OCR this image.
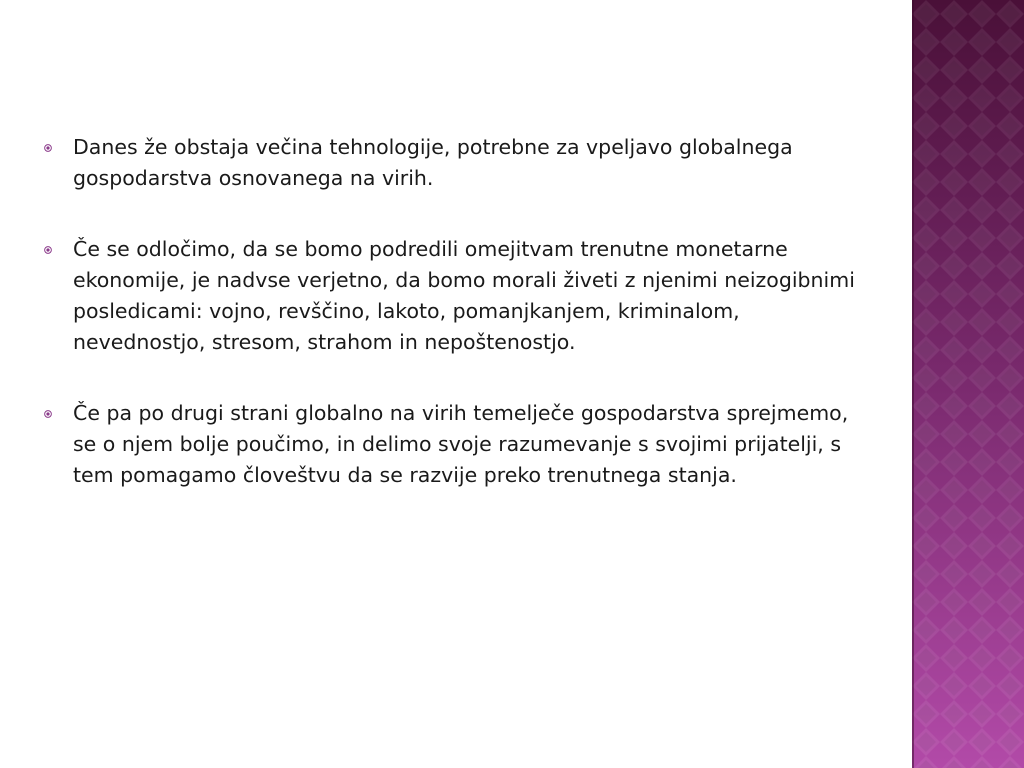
Danes že obstaja večina tehnologije, potrebne za vpeljavo globalnega gospodarstva osnovanega na virih.
Če se odločimo, da se bomo podredili omejitvam trenutne monetarne ekonomije, je nadvse verjetno, da bomo morali živeti z njenimi neizogibnimi posledicami: vojno, revščino, lakoto, pomanjkanjem, kriminalom, nevednostjo, stresom, strahom in nepoštenostjo.
Če pa po drugi strani globalno na virih temelječe gospodarstva sprejmemo, se o njem bolje poučimo, in delimo svoje razumevanje s svojimi prijatelji, s tem pomagamo človeštvu da se razvije preko trenutnega stanja.
